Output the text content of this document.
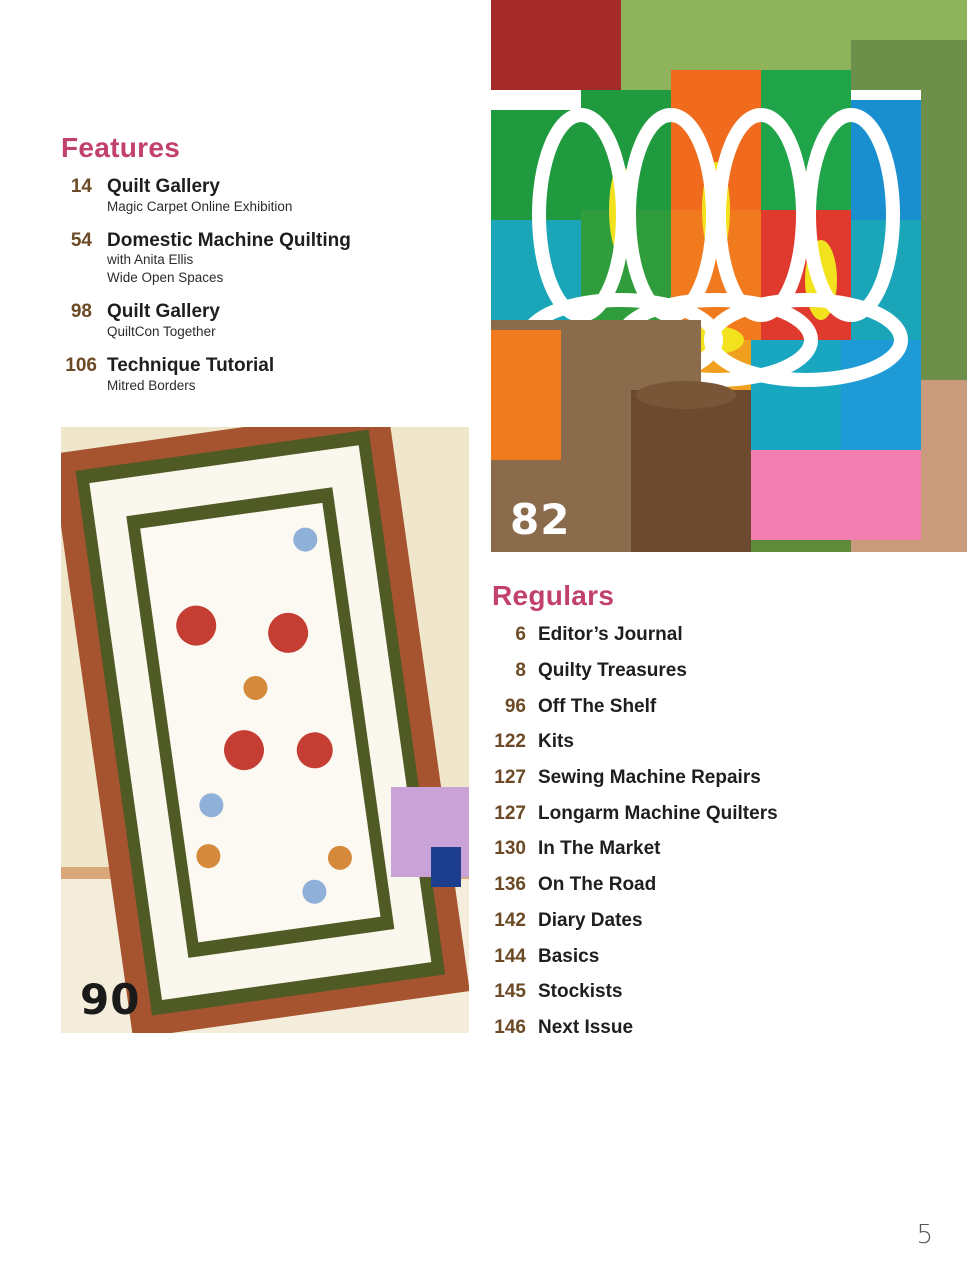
Features
14 Quilt Gallery
Magic Carpet Online Exhibition
54 Domestic Machine Quilting
with Anita Ellis
Wide Open Spaces
98 Quilt Gallery
QuiltCon Together
106 Technique Tutorial
Mitred Borders
82
90
Regulars
6 Editor’s Journal
8 Quilty Treasures
96 Off The Shelf
122 Kits
127 Sewing Machine Repairs
127 Longarm Machine Quilters
130 In The Market
136 On The Road
142 Diary Dates
144 Basics
145 Stockists
146 Next Issue
5
